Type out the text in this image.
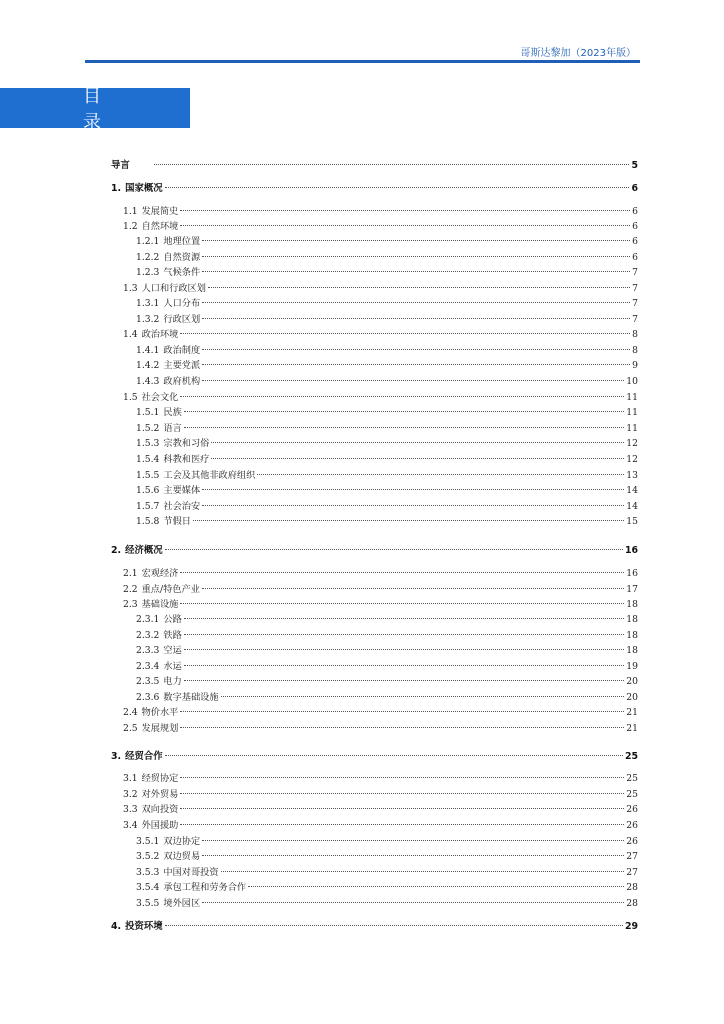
哥斯达黎加（2023年版）
目 录
导言	5
1. 国家概况	6
1.1 发展简史	6
1.2 自然环境	6
1.2.1 地理位置	6
1.2.2 自然资源	6
1.2.3 气候条件	7
1.3 人口和行政区划	7
1.3.1 人口分布	7
1.3.2 行政区划	7
1.4 政治环境	8
1.4.1 政治制度	8
1.4.2 主要党派	9
1.4.3 政府机构	10
1.5 社会文化	11
1.5.1 民族	11
1.5.2 语言	11
1.5.3 宗教和习俗	12
1.5.4 科教和医疗	12
1.5.5 工会及其他非政府组织	13
1.5.6 主要媒体	14
1.5.7 社会治安	14
1.5.8 节假日	15
2. 经济概况	16
2.1 宏观经济	16
2.2 重点/特色产业	17
2.3 基础设施	18
2.3.1 公路	18
2.3.2 铁路	18
2.3.3 空运	18
2.3.4 水运	19
2.3.5 电力	20
2.3.6 数字基础设施	20
2.4 物价水平	21
2.5 发展规划	21
3. 经贸合作	25
3.1 经贸协定	25
3.2 对外贸易	25
3.3 双向投资	26
3.4 外国援助	26
3.5.1 双边协定	26
3.5.2 双边贸易	27
3.5.3 中国对哥投资	27
3.5.4 承包工程和劳务合作	28
3.5.5 境外园区	28
4. 投资环境	29
